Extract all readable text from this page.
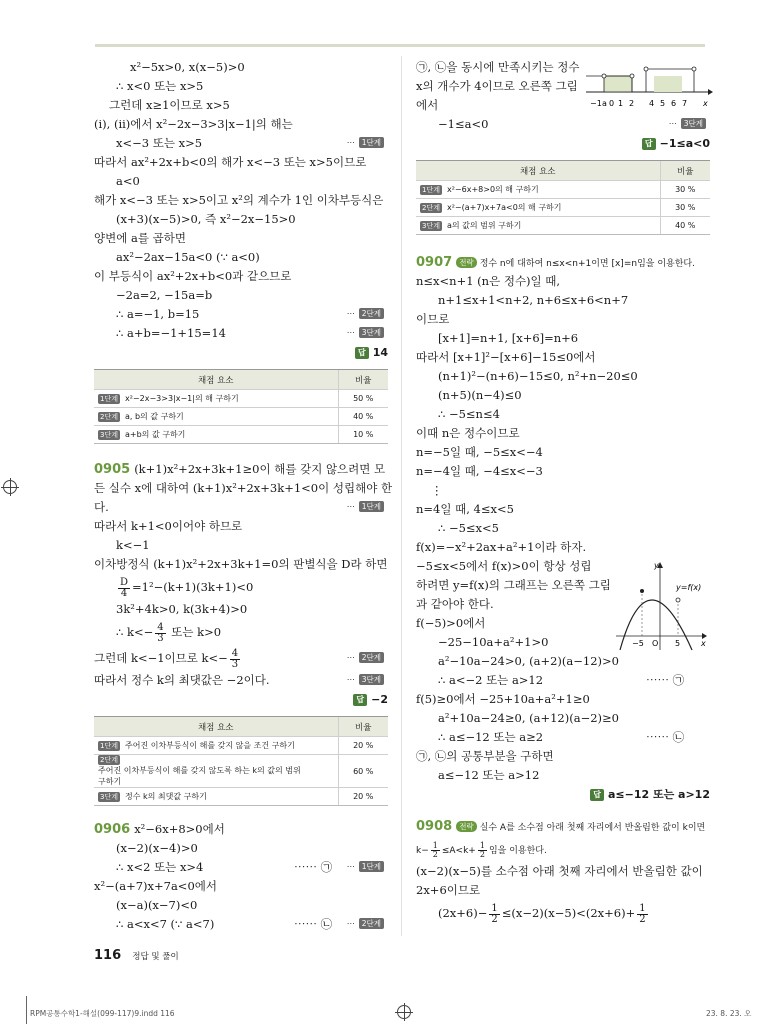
x²−5x>0, x(x−5)>0
∴ x<0 또는 x>5
그런데 x≥1이므로 x>5
(i), (ii)에서 x²−2x−3>3|x−1|의 해는
x<−3 또는 x>5	⋯ 1단계
따라서 ax²+2x+b<0의 해가 x<−3 또는 x>5이므로
a<0
해가 x<−3 또는 x>5이고 x²의 계수가 1인 이차부등식은
(x+3)(x−5)>0, 즉 x²−2x−15>0
양변에 a를 곱하면
ax²−2ax−15a<0 (∵ a<0)
이 부등식이 ax²+2x+b<0과 같으므로
−2a=2, −15a=b
∴ a=−1, b=15	⋯ 2단계
∴ a+b=−1+15=14	⋯ 3단계
답 14
채점 요소	비율
1단계 x²−2x−3>3|x−1|의 해 구하기	50 %
2단계 a, b의 값 구하기	40 %
3단계 a+b의 값 구하기	10 %
0905 (k+1)x²+2x+3k+1≥0이 해를 갖지 않으려면 모
든 실수 x에 대하여 (k+1)x²+2x+3k+1<0이 성립해야 한
다.	⋯ 1단계
따라서 k+1<0이어야 하므로
k<−1
이차방정식 (k+1)x²+2x+3k+1=0의 판별식을 D라 하면
$\frac{D}{4} =1^2-(k+1)(3k+1)<0$
3k²+4k>0, k(3k+4)>0
∴ $k<- \frac{4}{3}$ 또는 k>0
그런데 k<−1이므로 $k<- \frac{4}{3}$	⋯ 2단계
따라서 정수 k의 최댓값은 −2이다.	⋯ 3단계
답 −2
채점 요소	비율
1단계 주어진 이차부등식이 해를 갖지 않을 조건 구하기	20 %
2단계주어진 이차부등식이 해를 갖지 않도록 하는 k의 값의 범위 구하기	60 %
3단계 정수 k의 최댓값 구하기	20 %
0906 x²−6x+8>0에서
(x−2)(x−4)>0
∴ x<2 또는 x>4	⋯⋯ ㉠ ⋯ 1단계
x²−(a+7)x+7a<0에서
(x−a)(x−7)<0
∴ a<x<7 (∵ a<7)	⋯⋯ ㉡ ⋯ 2단계
㉠, ㉡을 동시에 만족시키는 정수
x의 개수가 4이므로 오른쪽 그림
에서
−1≤a<0	⋯ 3단계
답 −1≤a<0
−1 a 0 1 2 4 5 6 7 x
채점 요소	비율
1단계 x²−6x+8>0의 해 구하기	30 %
2단계 x²−(a+7)x+7a<0의 해 구하기	30 %
3단계 a의 값의 범위 구하기	40 %
0907 전략 정수 n에 대하여 n≤x<n+1이면 [x]=n임을 이용한다.
n≤x<n+1 (n은 정수)일 때,
n+1≤x+1<n+2, n+6≤x+6<n+7
이므로
[x+1]=n+1, [x+6]=n+6
따라서 [x+1]²−[x+6]−15≤0에서
(n+1)²−(n+6)−15≤0, n²+n−20≤0
(n+5)(n−4)≤0
∴ −5≤n≤4
이때 n은 정수이므로
n=−5일 때, −5≤x<−4
n=−4일 때, −4≤x<−3
⋮
n=4일 때, 4≤x<5
∴ −5≤x<5
f(x)=−x²+2ax+a²+1이라 하자.
−5≤x<5에서 f(x)>0이 항상 성립
하려면 y=f(x)의 그래프는 오른쪽 그림
과 같아야 한다.
f(−5)>0에서
−25−10a+a²+1>0
a²−10a−24>0, (a+2)(a−12)>0
∴ a<−2 또는 a>12	⋯⋯ ㉠
f(5)≥0에서 −25+10a+a²+1≥0
a²+10a−24≥0, (a+12)(a−2)≥0
∴ a≤−12 또는 a≥2	⋯⋯ ㉡
㉠, ㉡의 공통부분을 구하면
a≤−12 또는 a>12
답 a≤−12 또는 a>12
y
y=f(x)
−5 O 5	x
0908 전략 실수 A를 소수점 아래 첫째 자리에서 반올림한 값이 k이면
$k- \frac{1}{2} \le A<k+ \frac{1}{2}$ 임을 이용한다.
(x−2)(x−5)를 소수점 아래 첫째 자리에서 반올림한 값이
2x+6이므로
$(2x+6)- \frac{1}{2} \le(x-2)(x-5)<(2x+6)+ \frac{1}{2}$
116 정답 및 풀이
RPM공통수학1-해설(099-117)9.indd 116	23. 8. 23. 오
